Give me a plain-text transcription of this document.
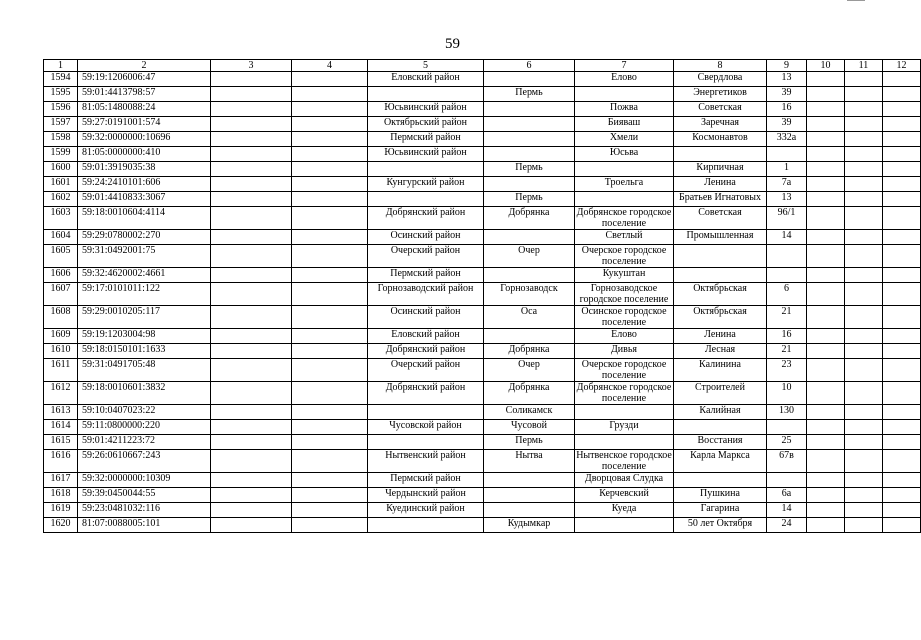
59
1	2	3	4	5	6	7	8	9	10	11	12
1594	59:19:1206006:47			Еловский район		Елово	Свердлова	13			
1595	59:01:4413798:57				Пермь		Энергетиков	39			
1596	81:05:1480088:24			Юсьвинский район		Пожва	Советская	16			
1597	59:27:0191001:574			Октябрьский район		Бияваш	Заречная	39			
1598	59:32:0000000:10696			Пермский район		Хмели	Космонавтов	332а			
1599	81:05:0000000:410			Юсьвинский район		Юсьва					
1600	59:01:3919035:38				Пермь		Кирпичная	1			
1601	59:24:2410101:606			Кунгурский район		Троельга	Ленина	7а			
1602	59:01:4410833:3067				Пермь		Братьев Игнатовых	13			
1603	59:18:0010604:4114			Добрянский район	Добрянка	Добрянское городское поселение	Советская	96/1			
1604	59:29:0780002:270			Осинский район		Светлый	Промышленная	14			
1605	59:31:0492001:75			Очерский район	Очер	Очерское городское поселение					
1606	59:32:4620002:4661			Пермский район		Кукуштан					
1607	59:17:0101011:122			Горнозаводский район	Горнозаводск	Горнозаводское городское поселение	Октябрьская	6			
1608	59:29:0010205:117			Осинский район	Оса	Осинское городское поселение	Октябрьская	21			
1609	59:19:1203004:98			Еловский район		Елово	Ленина	16			
1610	59:18:0150101:1633			Добрянский район	Добрянка	Дивья	Лесная	21			
1611	59:31:0491705:48			Очерский район	Очер	Очерское городское поселение	Калинина	23			
1612	59:18:0010601:3832			Добрянский район	Добрянка	Добрянское городское поселение	Строителей	10			
1613	59:10:0407023:22				Соликамск		Калийная	130			
1614	59:11:0800000:220			Чусовской район	Чусовой	Грузди					
1615	59:01:4211223:72				Пермь		Восстания	25			
1616	59:26:0610667:243			Нытвенский район	Нытва	Нытвенское городское поселение	Карла Маркса	67в			
1617	59:32:0000000:10309			Пермский район		Дворцовая Слудка					
1618	59:39:0450044:55			Чердынский район		Керчевский	Пушкина	6а			
1619	59:23:0481032:116			Куединский район		Куеда	Гагарина	14			
1620	81:07:0088005:101				Кудымкар		50 лет Октября	24			
